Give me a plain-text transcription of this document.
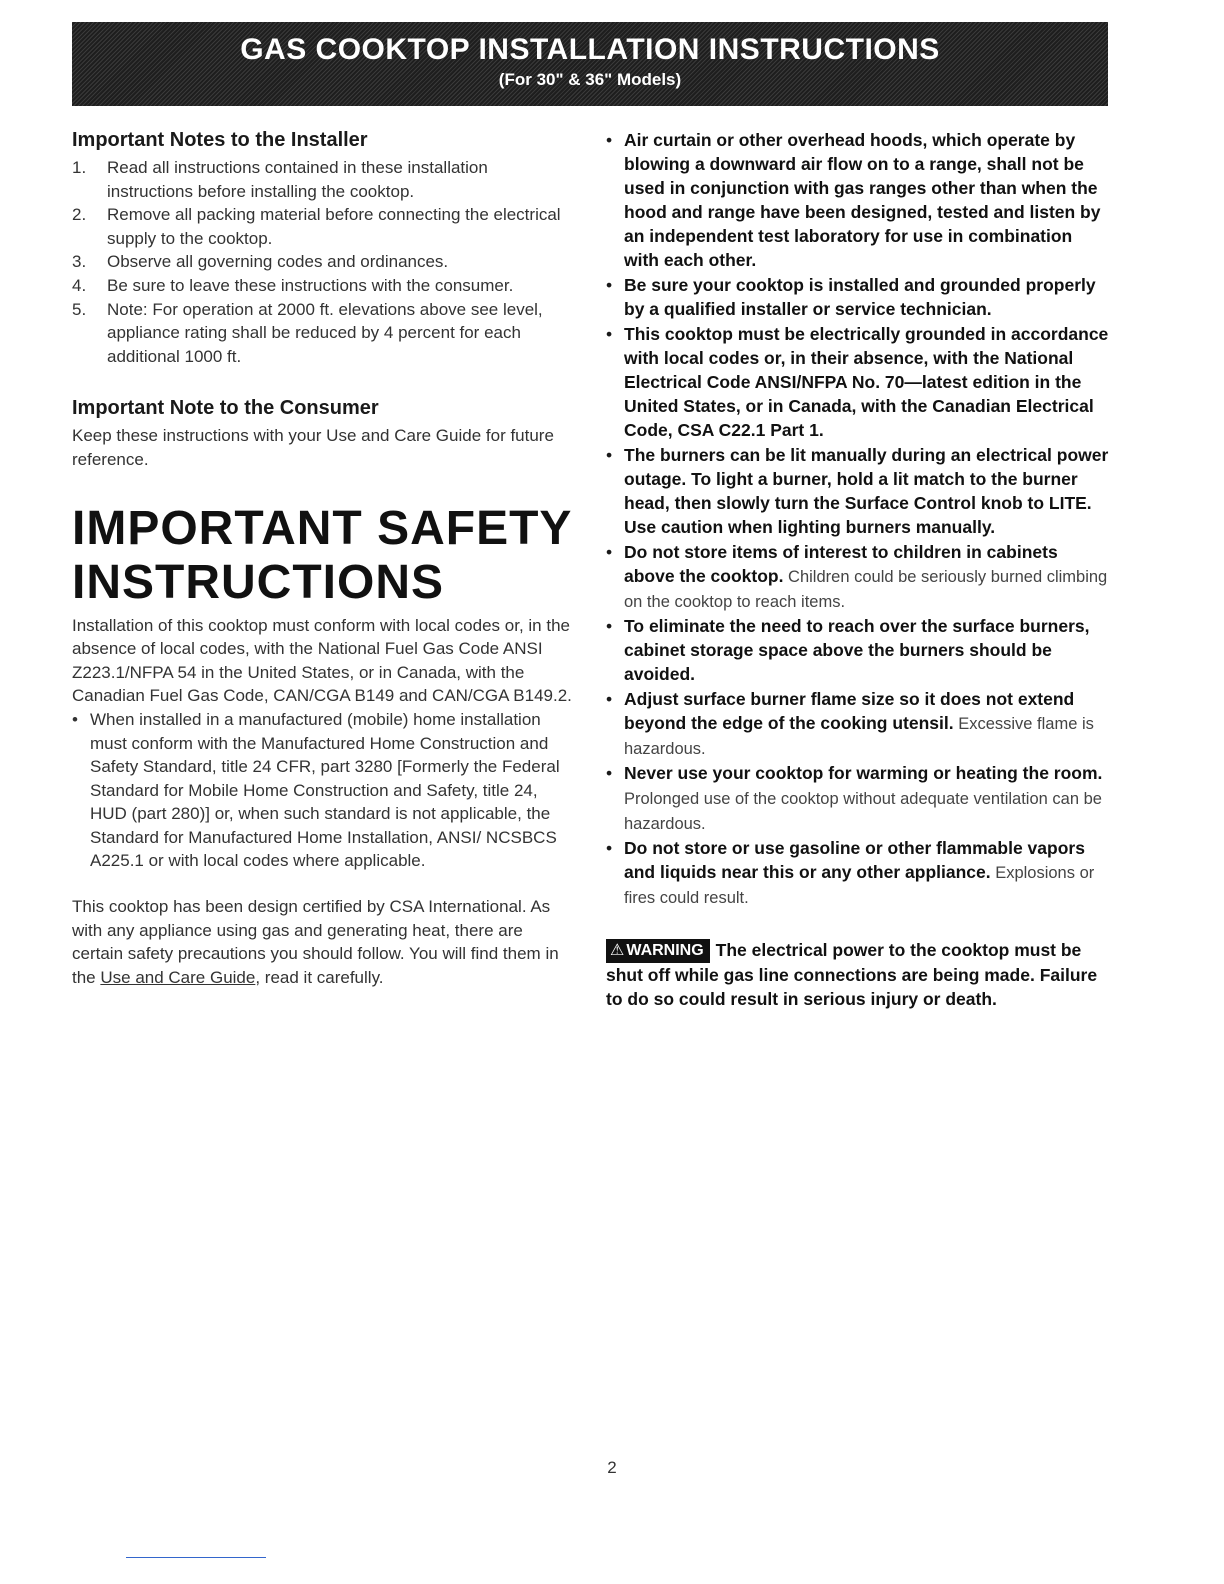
GAS COOKTOP INSTALLATION INSTRUCTIONS
(For 30" & 36" Models)
Important Notes to the Installer
1.	Read all instructions contained in these installation instructions before installing the cooktop.
2.	Remove all packing material before connecting the electrical supply to the cooktop.
3.	Observe all governing codes and ordinances.
4.	Be sure to leave these instructions with the consumer.
5.	Note: For operation at 2000 ft. elevations above see level, appliance rating shall be reduced by 4 percent for each additional 1000 ft.
Important Note to the Consumer
Keep these instructions with your Use and Care Guide for future reference.
IMPORTANT SAFETY INSTRUCTIONS
Installation of this cooktop must conform with local codes or, in the absence of local codes, with the National Fuel Gas Code ANSI Z223.1/NFPA 54 in the United States, or in Canada, with the Canadian Fuel Gas Code, CAN/CGA B149 and CAN/CGA B149.2.
• When installed in a manufactured (mobile) home installation must conform with the Manufactured Home Construction and Safety Standard, title 24 CFR, part 3280 [Formerly the Federal Standard for Mobile Home Construction and Safety, title 24, HUD (part 280)] or, when such standard is not applicable, the Standard for Manufactured Home Installation, ANSI/ NCSBCS A225.1 or with local codes where applicable.
This cooktop has been design certified by CSA International. As with any appliance using gas and generating heat, there are certain safety precautions you should follow. You will find them in the Use and Care Guide, read it carefully.
• Air curtain or other overhead hoods, which operate by blowing a downward air flow on to a range, shall not be used in conjunction with gas ranges other than when the hood and range have been designed, tested and listen by an independent test laboratory for use in combination with each other.
• Be sure your cooktop is installed and grounded properly by a qualified installer or service technician.
• This cooktop must be electrically grounded in accordance with local codes or, in their absence, with the National Electrical Code ANSI/NFPA No. 70—latest edition in the United States, or in Canada, with the Canadian Electrical Code, CSA C22.1 Part 1.
• The burners can be lit manually during an electrical power outage. To light a burner, hold a lit match to the burner head, then slowly turn the Surface Control knob to LITE. Use caution when lighting burners manually.
• Do not store items of interest to children in cabinets above the cooktop. Children could be seriously burned climbing on the cooktop to reach items.
• To eliminate the need to reach over the surface burners, cabinet storage space above the burners should be avoided.
• Adjust surface burner flame size so it does not extend beyond the edge of the cooking utensil. Excessive flame is hazardous.
• Never use your cooktop for warming or heating the room. Prolonged use of the cooktop without adequate ventilation can be hazardous.
• Do not store or use gasoline or other flammable vapors and liquids near this or any other appliance. Explosions or fires could result.
⚠ WARNING The electrical power to the cooktop must be shut off while gas line connections are being made. Failure to do so could result in serious injury or death.
2
